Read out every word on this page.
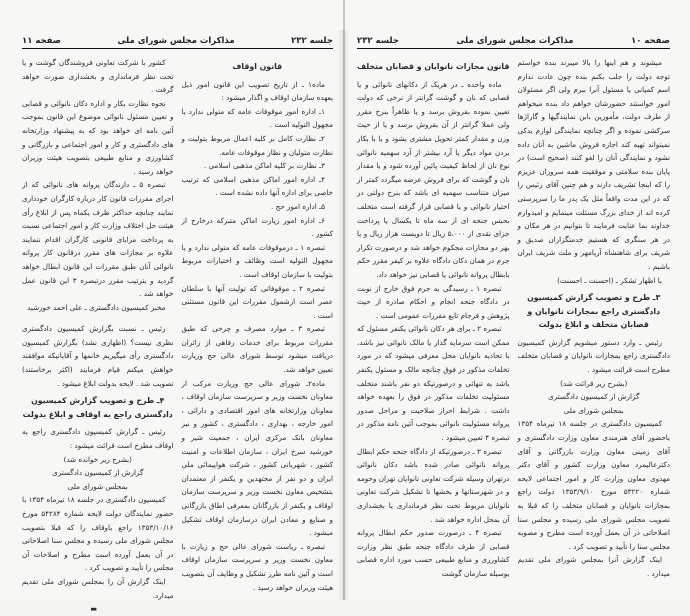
جلسه ۲۳۲
مذاکرات مجلس شورای ملی
صفحه ۱۱

قانون اوقاف

ماده۱ ـ از تاریخ تصویب این قانون امور ذیل بعهده سازمان اوقاف و اگذار میشود :

۱ـ اداره امور موقوفات عامه که متولی ندارد یا مجهول التولیه است .

۲ـ نظارت کامل بر کلیه اعمال مربوط بتولیت و نظارت متولیان و نظار موقوفات عامه.

۳ـ نظارت بر کلیه اماکن مذهبی اسلامی .

۴ـ اداره امور اماکن مذهبی اسلامی که ترتیب خاصی برای اداره آنها داده نشده است .

۵ـ اداره امور حج .

۶ـ اداره امور زیارت اماکن متبرکه درخارج از کشور .

تبصره ۱ ـ درموقوفات عامه که متولی ندارد و یا مجهول التولیه است وظائف و اختیارات مربوط بتولیت با سازمان اوقاف است .

تبصره ۲ ـ موقوفاتی که تولیت آنها با سلطان عصر است ازشمول مقررات این قانون مستثنی است .

تبصره ۳ ـ موارد مصرف و چرخی که طبق مقررات مربوط برای خدمات رفاهی از زائران دریافت میشود توسط شورای عالی حج وزیارت تعیین خواهد شد.

ماده۲ـ شورای عالی حج وزیارت مرکب از معاونان نخست وزیر و سرپرست سازمان اوقاف ، معاونان وزارتخانه های امور اقتصادی و دارائی ، امور خارجه ، بهداری ، دادگستری ، کشور و نیز معاونان بانک مرکزی ایران ، جمعیت شیر و خورشید سرخ ایران ، سازمان اطلاعات و امنیت کشور ، شهربانی کشور ، شرکت هواپیمائی ملی ایران و دو نفر از مجتهدین و یکنفر از معتمدان بتشخیص معاون نخست وزیر و سرپرست سازمان اوقاف و یکنفر از بازرگانان بمعرفی اطاق بازرگانی و صنایع و معادن ایران درسازمان اوقاف تشکیل میشود .

تبصره ـ ریاست شورای عالی حج و زیارت با معاون نخست وزیر و سرپرست سازمان اوقاف است و آئین نامه طرز تشکیل و وظایف آن بتصویب هیئت وزیران خواهد رسید .

کشور با شرکت تعاونی فروشندگان گوشت و یا تحت نظر فرمانداری و بخشداری صورت خواهد گرفت .

نحوه نظارت بکار و اداره دکان نانوائی و قصابی و تعیین مسئول نانوائی موضوع این قانون بموجب آئین نامه ای خواهد بود که به پیشنهاد وزارتخانه های دادگستری و کار و امور اجتماعی و بازرگانی و کشاورزی و منابع طبیعی بتصویب هیئت وزیران خواهد رسید .

تبصره ۵ ـ دارندگان پروانه های نانوائی که از اجرای مقررات قانون کار درباره کارگران خودداری نمایند چنانچه حداکثر ظرف یکماه پس از ابلاغ رأی هیئت حل اختلاف وزارت کار و امور اجتماعی نسبت به پرداخت مزایای قانونی کارگران اقدام ننمایند علاوه بر مجازات های مقرر درقانون کار پروانه نانوائی آنان طبق مقررات این قانون ابطال خواهد گردید و بترتیب مقرر درتبصره ۳ این قانون عمل خواهد شد .

مخبر کمیسیون دادگستری ـ علی احمد خورشید

رئیس ـ نسبت بگزارش کمیسیون دادگستری نظری نیست؟ (اظهاری نشد) بگزارش کمیسیون دادگستری رأی میگیریم خانمها و آقایانیکه موافقند خواهش میکنم قیام فرمایند (اکثر برخاستند) تصویب شد . لایحه بدولت ابلاغ میشود .

۴ـ طرح و تصویب گزارش کمیسیون دادگستری راجع به اوقاف و ابلاغ بدولت

رئیس ـ گزارش کمیسیون دادگستری راجع به اوقاف مطرح است قرائت میشود :

(بشرح زیر خوانده شد)

گزارش از کمیسیون دادگستری

بمجلس شورای ملی

کمیسیون دادگستری در جلسه ۱۸ تیرماه ۱۳۵۴ با حضور نمایندگان دولت لایحه شماره ۵۴۲۸۴ مورخ ۱۳۵۳/۱۰/۱۶ راجع باوقاف را که قبلا بتصویب مجلس شورای ملی رسیده و مجلس سنا اصلاحاتی در آن بعمل آورده است مطرح و اصلاحات آن مجلس را تأیید و تصویب کرد .

اینک گزارش آن را بمجلس شورای ملی تقدیم میدارد.

▬

صفحه ۱۰
مذاکرات مجلس شورای ملی
جلسه ۲۳۲

میشوند و هم اینها را بالا میبرند بنده خواستم توجه دولت را جلب بکنم بنده چون عادت ندارم اسم کمپانی یا مسئول آنرا ببرم ولی اگر مسئولان امور خواستند حضورشان خواهم داد بنده میخواهم از طرف دولت، مأمورین بابن نمایندگیها و گاراژها سرکشی نموده و اگر چنانچه نمایندگی لوازم یدکی نمیتواند تهیه کند اجازه فروش ماشین به آنان داده نشود و نمایندگی آنان را لغو کنند (صحیح است) در پایان بنده سلامتی و موفقیت همه سروران عزیزم را که اینجا تشریف دارند و هم چنین آقای رئیس را که در این مدت واقعاً مثل یک پدر ما را سرپرستی کرده اند از خدای بزرگ مسئلت مینمایم و امیدوارم خداوند بما عنایت فرمایند تا بتوانیم در هر مکان و در هر سنگری که هستیم خدمتگزاران صدیق و شریف برای شاهنشاه آریامهر و ملت شریف ایران باشیم .

با اظهار تشکر ـ (احسنت ـ احسنت)

۳ـ طرح و تصویب گزارش کمیسیون دادگستری راجع بمجازات نانوایان و قصابان متخلف و ابلاغ بدولت

رئیس ـ وارد دستور میشویم گزارش کمیسیون دادگستری راجع بمجازات نانوایان و قصابان متخلف مطرح است قرائت میشود .

(بشرح زیر قرائت شد)

گزارش از کمیسیون دادگستری

بمجلس شورای ملی

کمیسیون دادگستری در جلسه ۱۸ تیرماه ۱۳۵۴ باحضور آقای هنرمندی معاون وزارت دادگستری و آقای زمینی معاون وزارت بازرگانی و آقای دکترعالیمرد معاون وزارت کشور و آقای دکتر مهدوی معاون وزارت کار و امور اجتماعی لایحه شماره ۵۳۲۲۰ مورخ ۱۳۵۳/۹/۱۰ دولت راجع بمجازات نانوایان و قصابان متخلف را که قبلا به تصویب مجلس شورای ملی رسیده و مجلس سنا اصلاحاتی در آن بعمل آورده است مطرح و مصوبه مجلس سنا را تأیید و تصویب کرد .

اینک گزارش آنرا بمجلس شورای ملی تقدیم میدارد .

قانون مجازات نانوایان و قصابان متخلف

ماده واحده ـ در هریک از دکانهای نانوائی و یا قصابی که نان و گوشت گرانتر از نرخی که دولت تعیین نموده بفروش برسد و یا ظاهراً بنرخ مقرر ولی عملا گرانتر از آن بفروش برسد و یا از حیث وزن و مقدار کمتر تحویل مشتری بشود و یا با بکار بردن مواد دیگر یا آرد بیشتر از آرد سهمیه نانوائی نوع نان از لحاظ کیفیت پائین آورده شود و یا مقدار نان و گوشت که برای فروش عرضه میگردد کمتر از میزان متناسب سهمیه ای باشد که بنرخ دولتی در اختیار نانوائی و یا قصابی قرار گرفته است متخلف بحبس جنحه ای از سه ماه تا یکسال یا پرداخت جزای نقدی از ۵،۰۰۰ ریال تا دویست هزار ریال و یا بهر دو مجازات محکوم خواهد شد و درصورت تکرار جرم در همان دکان دادگاه علاوه بر کیفر مقرر حکم بابطال پروانه نانوائی یا قصابی نیز خواهد داد.

تبصره ۱ ـ رسیدگی به جرم فوق خارج از نوبت در دادگاه جنحه انجام و احکام صادره از حیث پژوهش و فرجام تابع مقررات عمومی است .

تبصره ۲ ـ برای هر دکان نانوائی یکنفر مسئول که ممکن است سرمایه گذار یا مالک نانوائی نیز باشد، با تحادیه نانوایان محل معرفی میشود که در مورد تخلفات مذکور در فوق چنانچه مالک و مسئول یکنفر باشد به تنهائی و درصورتیکه دو نفر باشند متخلف مسئولیت تخلفات مذکور در فوق را بعهده خواهد داشت . شرایط احراز صلاحیت و مراحل صدور پروانه مسئولیت نانوائی بموجب آئین نامه مذکور در تبصره ۴ تعیین میشود .

تبصره ۳ ـ درصورتیکه از دادگاه جنحه حکم ابطال پروانه نانوائی صادر شده باشد دکان نانوائی درتهران وسیله شرکت تعاونی نانوایان تهران وحومه و در شهرستانها و بخشها تا تشکیل شرکت تعاونی نانوایان مربوط تحت نظر فرمانداری یا بخشداری آن بمحل اداره خواهد شد .

تبصره ۴ ـ درصورت صدور حکم ابطال پروانه قصابی از طرف دادگاه جنحه طبق نظر وزارت کشاورزی و منابع طبیعی حسب مورد اداره قصابی بوسیله سازمان گوشت
